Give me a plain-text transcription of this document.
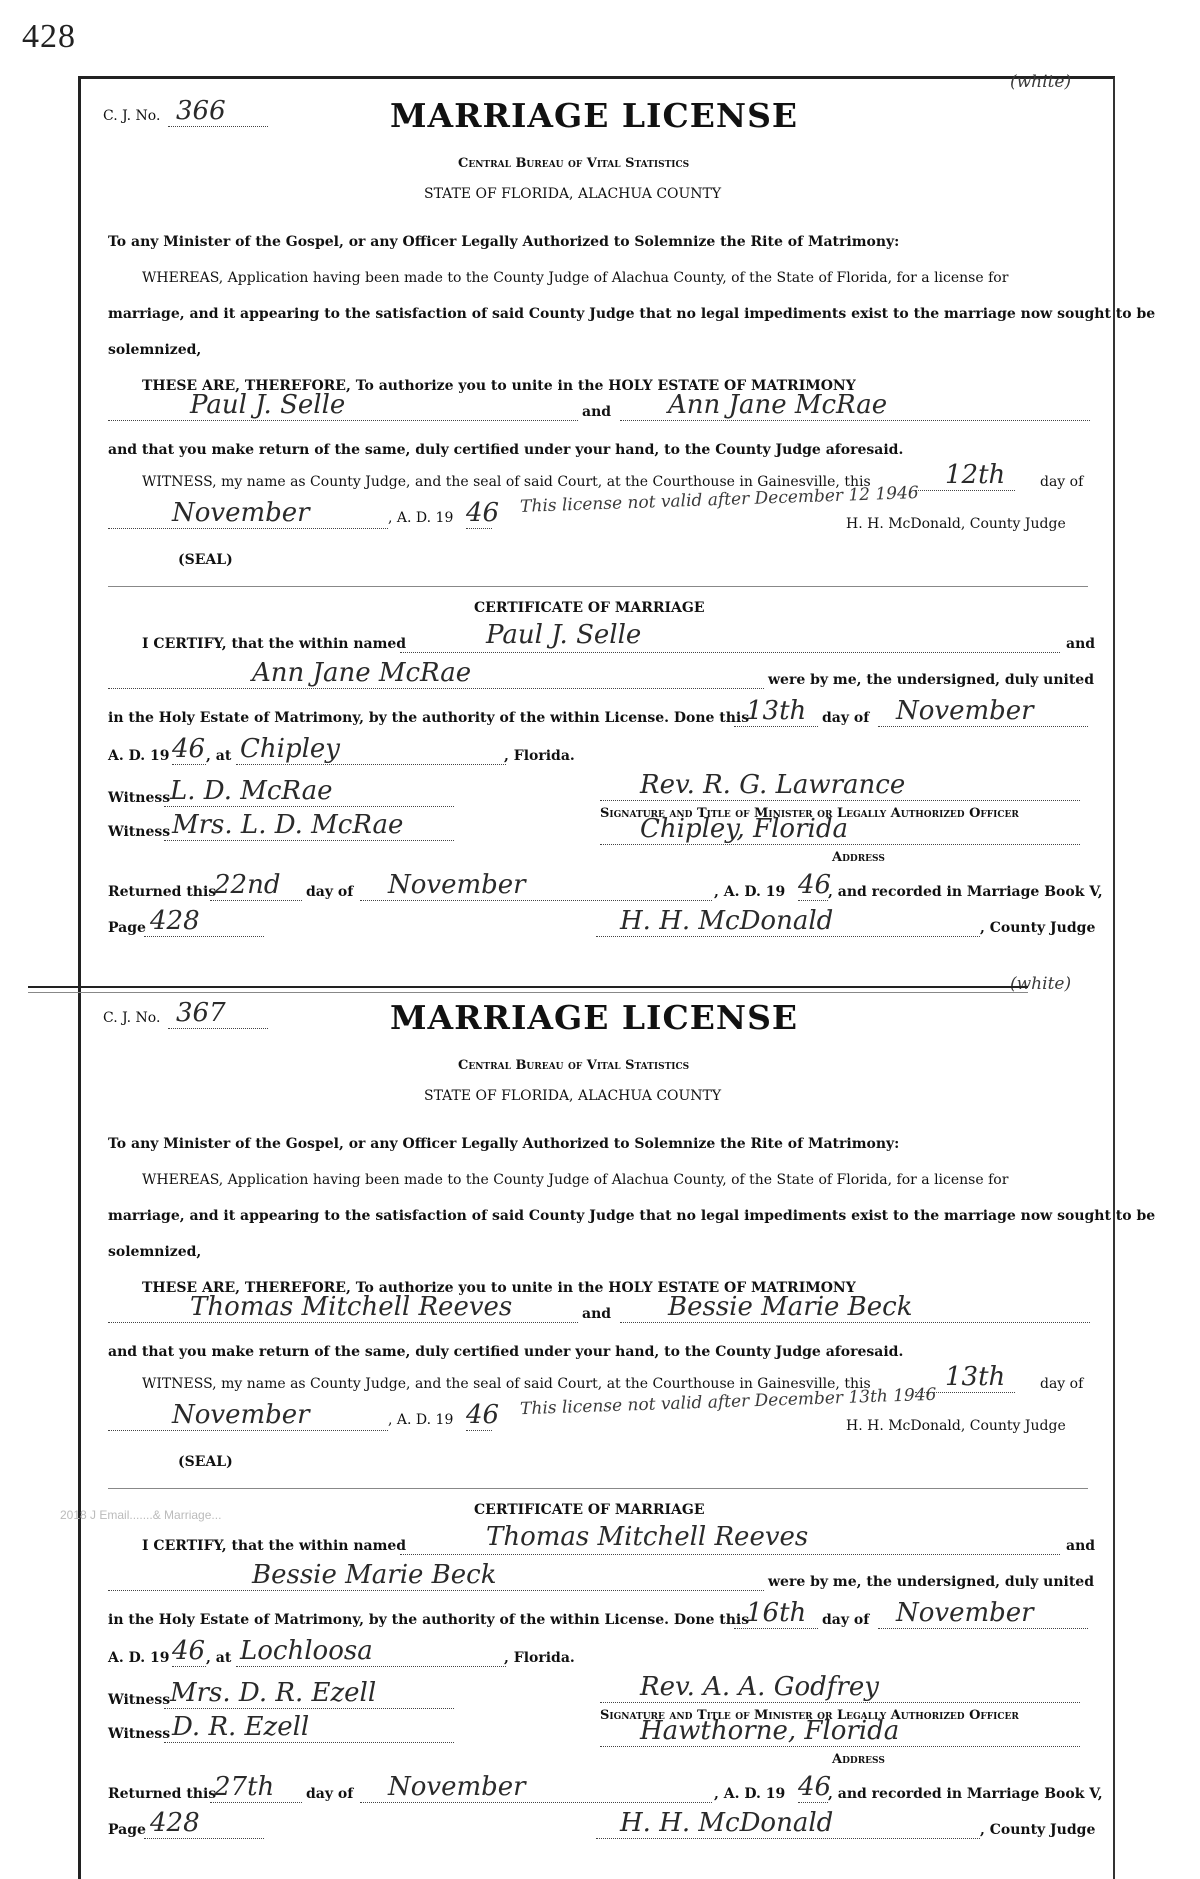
428
2018 J Email.......& Marriage...
(white)
C. J. No. 366	MARRIAGE LICENSE
Central Bureau of Vital Statistics
STATE OF FLORIDA, ALACHUA COUNTY
To any Minister of the Gospel, or any Officer Legally Authorized to Solemnize the Rite of Matrimony:
WHEREAS, Application having been made to the County Judge of Alachua County, of the State of Florida, for a license for
marriage, and it appearing to the satisfaction of said County Judge that no legal impediments exist to the marriage now sought to be
solemnized,
THESE ARE, THEREFORE, To authorize you to unite in the HOLY ESTATE OF MATRIMONY
Paul J. Selle	and Ann Jane McRae
and that you make return of the same, duly certified under your hand, to the County Judge aforesaid.
WITNESS, my name as County Judge, and the seal of said Court, at the Courthouse in Gainesville, this	12th day of
November	, A. D. 19 46 This license not valid after December 12 1946
H. H. McDonald, County Judge
(SEAL)
CERTIFICATE OF MARRIAGE
I CERTIFY, that the within named	Paul J. Selle	and
Ann Jane McRae	were by me, the undersigned, duly united
in the Holy Estate of Matrimony, by the authority of the within License. Done this
13th day of November
A. D. 19 46 , at Chipley	, Florida.
Rev. R. G. Lawrance
Witness L. D. McRae
Signature and Title of Minister or Legally Authorized Officer
Witness Mrs. L. D. McRae	Chipley, Florida
Address
Returned this
22nd day of November	, A. D. 19 46
, and recorded in Marriage Book V,
Page 428	H. H. McDonald	, County Judge
(white)
C. J. No. 367	MARRIAGE LICENSE
Central Bureau of Vital Statistics
STATE OF FLORIDA, ALACHUA COUNTY
To any Minister of the Gospel, or any Officer Legally Authorized to Solemnize the Rite of Matrimony:
WHEREAS, Application having been made to the County Judge of Alachua County, of the State of Florida, for a license for
marriage, and it appearing to the satisfaction of said County Judge that no legal impediments exist to the marriage now sought to be
solemnized,
THESE ARE, THEREFORE, To authorize you to unite in the HOLY ESTATE OF MATRIMONY
Thomas Mitchell Reeves	and Bessie Marie Beck
and that you make return of the same, duly certified under your hand, to the County Judge aforesaid.
WITNESS, my name as County Judge, and the seal of said Court, at the Courthouse in Gainesville, this	13th day of
November	, A. D. 19 46 This license not valid after December 13th 1946
H. H. McDonald, County Judge
(SEAL)
CERTIFICATE OF MARRIAGE
I CERTIFY, that the within named	Thomas Mitchell Reeves	and
Bessie Marie Beck	were by me, the undersigned, duly united
in the Holy Estate of Matrimony, by the authority of the within License. Done this
16th day of November
A. D. 19 46 , at Lochloosa	, Florida.
Rev. A. A. Godfrey
Witness Mrs. D. R. Ezell
Signature and Title of Minister or Legally Authorized Officer
Witness D. R. Ezell	Hawthorne, Florida
Address
Returned this
27th day of November	, A. D. 19 46
, and recorded in Marriage Book V,
Page 428	H. H. McDonald	, County Judge
